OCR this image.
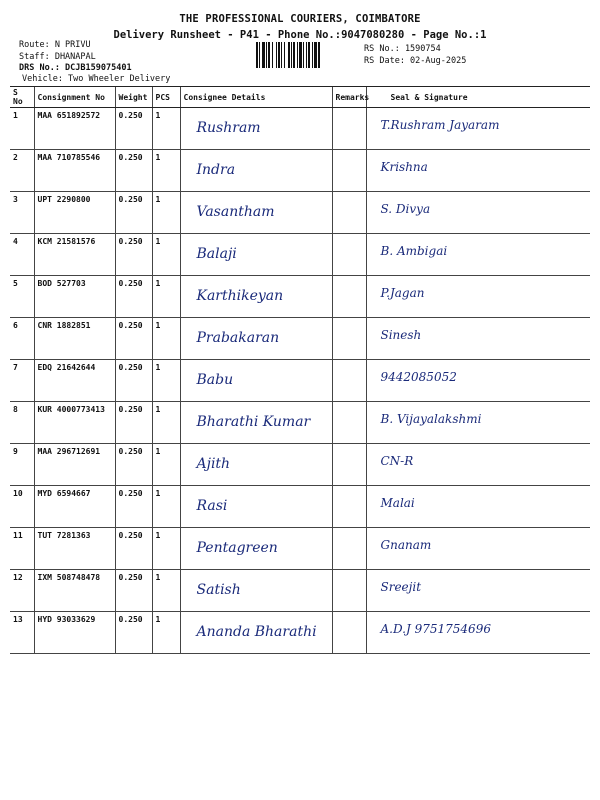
THE PROFESSIONAL COURIERS, COIMBATORE
Delivery Runsheet - P41 - Phone No.:9047080280 - Page No.:1
Route: N PRIVU
Staff: DHANAPAL
DRS No.: DCJB159075401
Vehicle: Two Wheeler Delivery
RS No.: 1590754
RS Date: 02-Aug-2025
S No	Consignment No	Weight	PCS	Consignee Details	Remarks	Seal & Signature
1	MAA 651892572	0.250	1	Rushram		T.Rushram Jayaram

2	MAA 710785546	0.250	1	Indra		Krishna

3	UPT 2290800	0.250	1	Vasantham		S. Divya

4	KCM 21581576	0.250	1	Balaji		B. Ambigai

5	BOD 527703	0.250	1	Karthikeyan		P.Jagan

6	CNR 1882851	0.250	1	Prabakaran		Sinesh

7	EDQ 21642644	0.250	1	Babu		9442085052

8	KUR 4000773413	0.250	1	Bharathi Kumar		B. Vijayalakshmi

9	MAA 296712691	0.250	1	Ajith		CN-R

10	MYD 6594667	0.250	1	Rasi		Malai

11	TUT 7281363	0.250	1	Pentagreen		Gnanam

12	IXM 508748478	0.250	1	Satish		Sreejit

13	HYD 93033629	0.250	1	Ananda Bharathi		A.D.J 9751754696
